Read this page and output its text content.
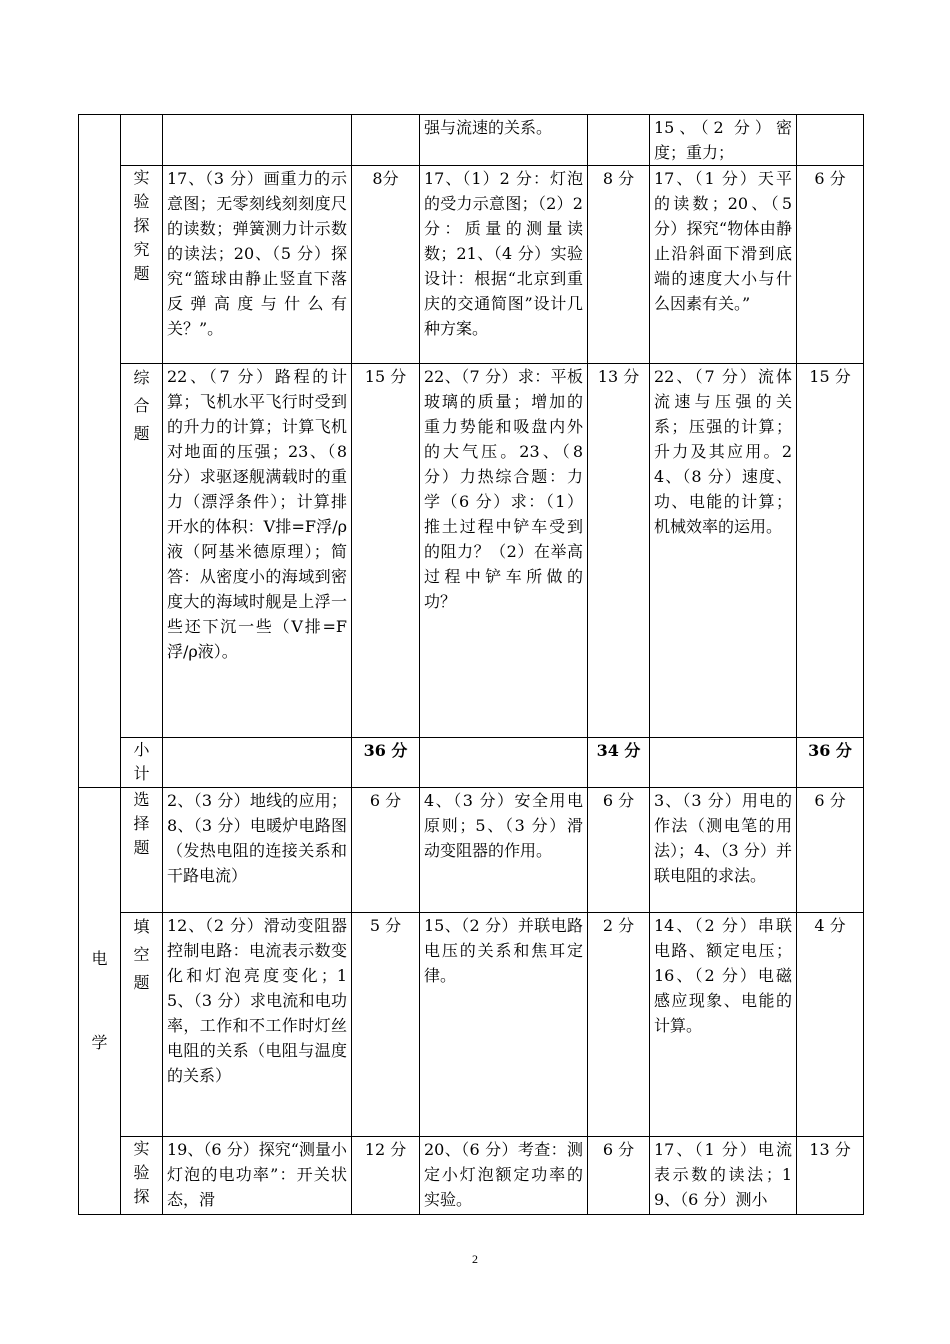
				强与流速的关系。		15、（2 分）密度；重力；	

	实
验
探
究
题	17、（3 分）画重力的示意图；无零刻线刻刻度尺的读数；弹簧测力计示数的读法；20、（5 分）探究“篮球由静止竖直下落反弹高度与什么有关？”。	8分	17、（1）2 分：灯泡的受力示意图；（2）2 分：质量的测量读数；21、（4 分）实验设计：根据“北京到重庆的交通简图”设计几种方案。	8 分	17、（1 分）天平的读数；20、（5 分）探究“物体由静止沿斜面下滑到底端的速度大小与什么因素有关。”	6 分

	综
合
题	22、（7 分）路程的计算；飞机水平飞行时受到的升力的计算；计算飞机对地面的压强；23、（8 分）求驱逐舰满载时的重力（漂浮条件）；计算排开水的体积：V排=F浮/ρ液（阿基米德原理）；简答：从密度小的海域到密度大的海域时舰是上浮一些还下沉一些（V排=F浮/ρ液）。	15 分	22、（7 分）求：平板玻璃的质量；增加的重力势能和吸盘内外的大气压。23、（8 分）力热综合题：力学（6 分）求：（1）推土过程中铲车受到的阻力？（2）在举高过程中铲车所做的功？	13 分	22、（7 分）流体流速与压强的关系；压强的计算；升力及其应用。24、（8 分）速度、功、电能的计算；机械效率的运用。	15 分

	小
计		36 分		34 分		36 分

电
学	选
择
题	2、（3 分）地线的应用；8、（3 分）电暖炉电路图（发热电阻的连接关系和干路电流）	6 分	4、（3 分）安全用电原则；5、（3 分）滑动变阻器的作用。	6 分	3、（3 分）用电的作法（测电笔的用法）；4、（3 分）并联电阻的求法。	6 分

	填
空
题	12、（2 分）滑动变阻器控制电路：电流表示数变化和灯泡亮度变化；15、（3 分）求电流和电功率，工作和不工作时灯丝电阻的关系（电阻与温度的关系）	5 分	15、（2 分）并联电路电压的关系和焦耳定律。	2 分	14、（2 分）串联电路、额定电压；16、（2 分）电磁感应现象、电能的计算。	4 分

	实
验
探	19、（6 分）探究“测量小灯泡的电功率”：开关状态，滑	12 分	20、（6 分）考查：测定小灯泡额定功率的实验。	6 分	17、（1 分）电流表示数的读法；19、（6 分）测小	13 分
2
